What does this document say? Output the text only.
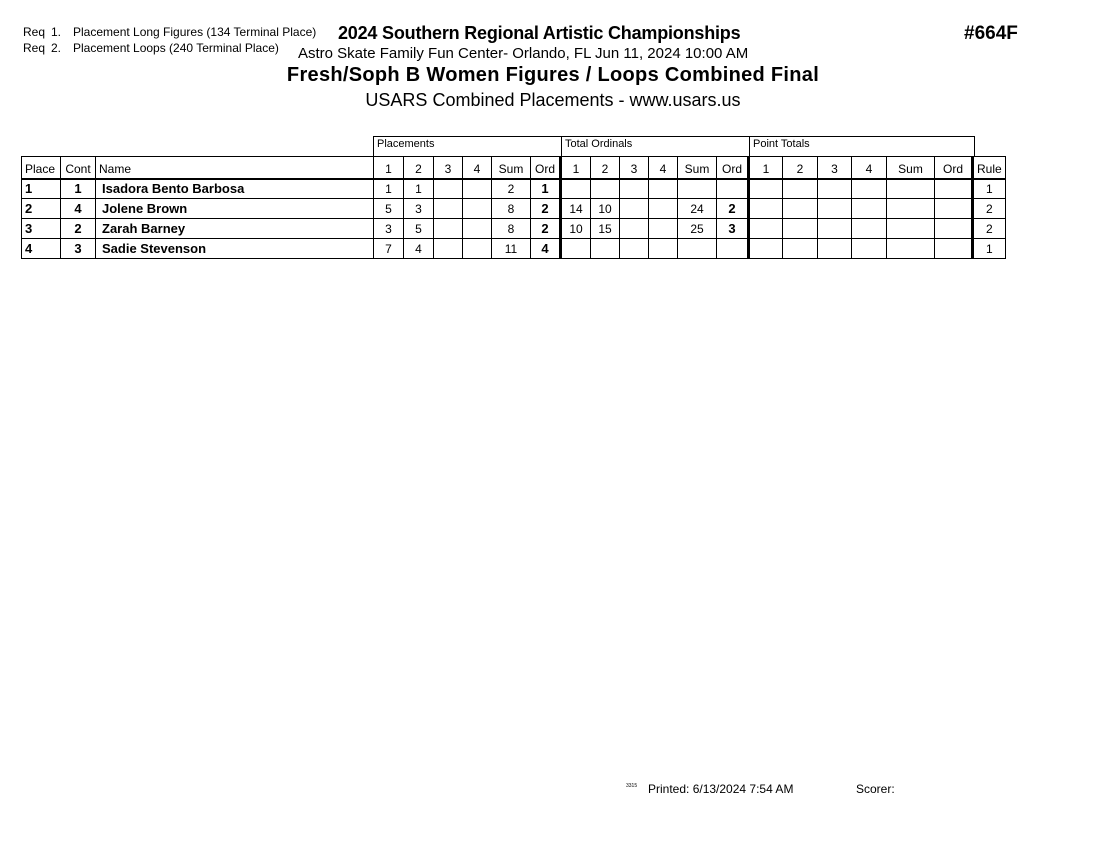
Req 1. Placement Long Figures (134 Terminal Place)
Req 2. Placement Loops (240 Terminal Place)
2024 Southern Regional Artistic Championships
Astro Skate Family Fun Center- Orlando, FL Jun 11, 2024 10:00 AM
#664F
Fresh/Soph B Women Figures / Loops Combined Final
USARS Combined Placements - www.usars.us
Placements	Total Ordinals	Point Totals
Place	Cont	Name	1	2	3	4	Sum	Ord	1	2	3	4	Sum	Ord	1	2	3	4	Sum	Ord	Rule
1	1	Isadora Bento Barbosa	1	1			2	1													1
2	4	Jolene Brown	5	3			8	2	14	10			24	2							2
3	2	Zarah Barney	3	5			8	2	10	15			25	3							2
4	3	Sadie Stevenson	7	4			11	4													1
3315 Printed: 6/13/2024 7:54 AM	Scorer:
